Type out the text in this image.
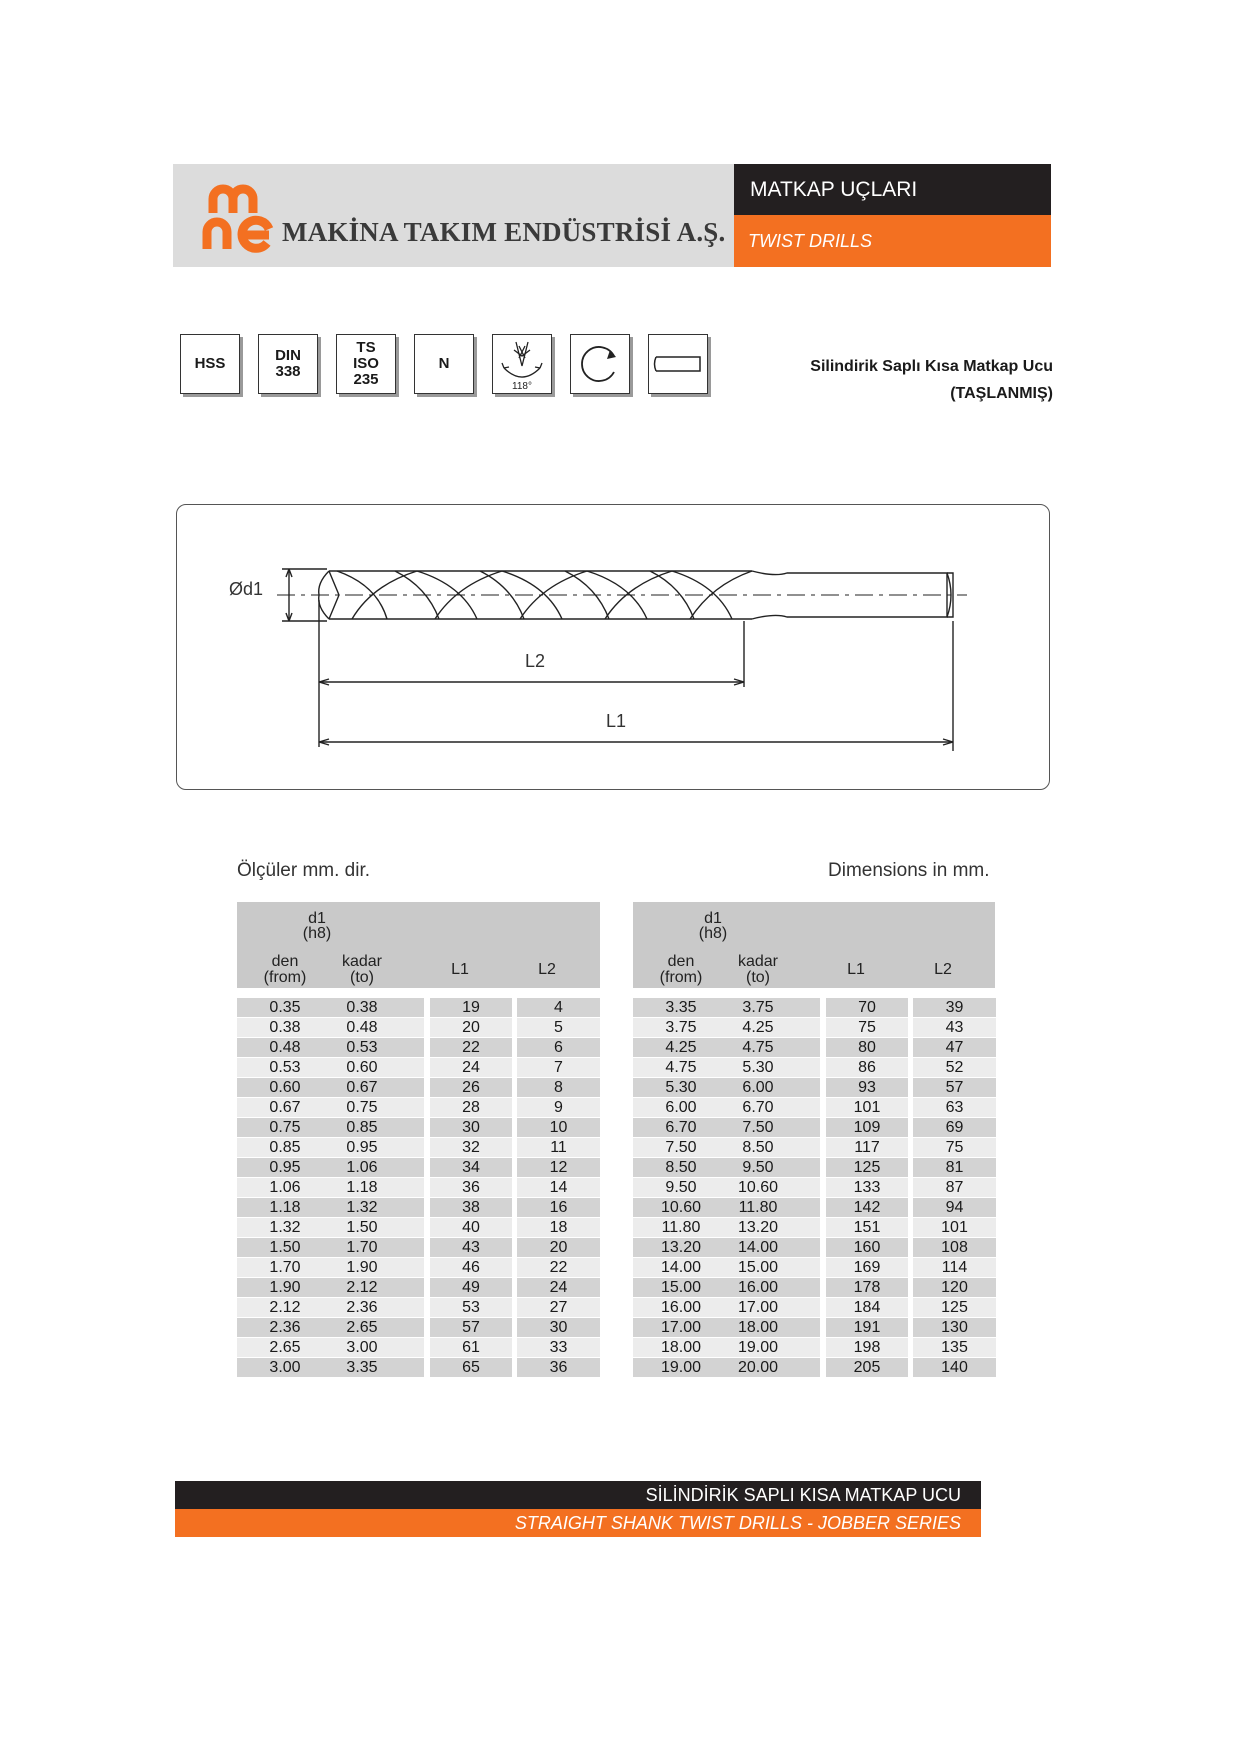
MAKİNA TAKIM ENDÜSTRİSİ A.Ş.
MATKAP UÇLARI
TWIST DRILLS
HSS	DIN
338
TS
ISO
235
N
118°
Silindirik Saplı Kısa Matkap Ucu
(TAŞLANMIŞ)
Ød1
L2
L1
Ölçüler mm. dir.	Dimensions in mm.
d1
(h8)
den
(from)
kadar
(to)	L1	L2
0.35	0.38	19	4
0.38	0.48	20	5
0.48	0.53	22	6
0.53	0.60	24	7
0.60	0.67	26	8
0.67	0.75	28	9
0.75	0.85	30	10
0.85	0.95	32	11
0.95	1.06	34	12
1.06	1.18	36	14
1.18	1.32	38	16
1.32	1.50	40	18
1.50	1.70	43	20
1.70	1.90	46	22
1.90	2.12	49	24
2.12	2.36	53	27
2.36	2.65	57	30
2.65	3.00	61	33
3.00	3.35	65	36
d1
(h8)
den
(from)
kadar
(to)	L1	L2
3.35	3.75	70	39
3.75	4.25	75	43
4.25	4.75	80	47
4.75	5.30	86	52
5.30	6.00	93	57
6.00	6.70	101	63
6.70	7.50	109	69
7.50	8.50	117	75
8.50	9.50	125	81
9.50	10.60	133	87
10.60	11.80	142	94
11.80	13.20	151	101
13.20	14.00	160	108
14.00	15.00	169	114
15.00	16.00	178	120
16.00	17.00	184	125
17.00	18.00	191	130
18.00	19.00	198	135
19.00	20.00	205	140
SİLİNDİRİK SAPLI KISA MATKAP UCU
STRAIGHT SHANK TWIST DRILLS - JOBBER SERIES
